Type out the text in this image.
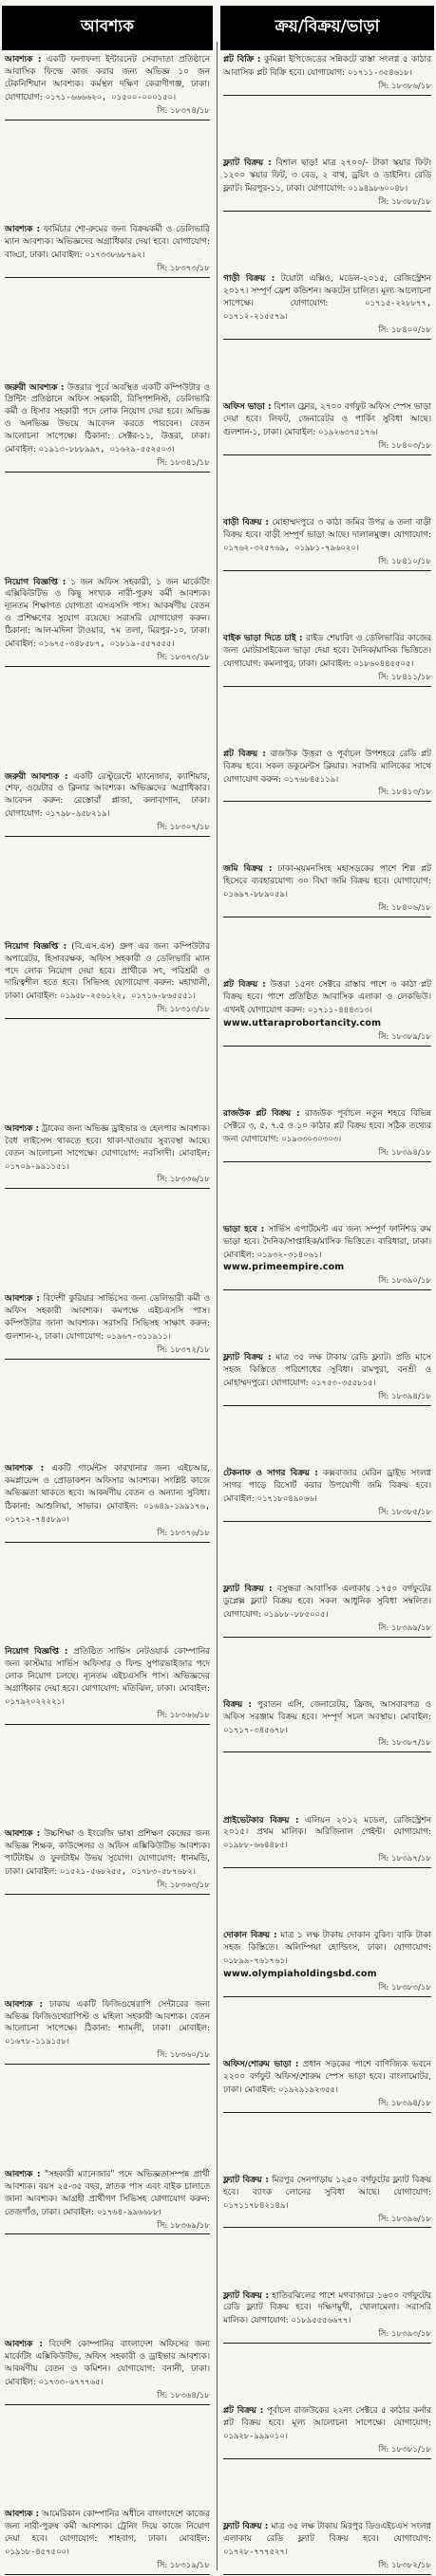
আবশ্যক
আবশ্যক : একটি ফলাফল্য ইন্টারনেট সেবাদাতা প্রতিষ্ঠানে আবাসিক ফিল্ডে কাজ করার জন্য অভিজ্ঞ ১০ জন টেকনিশিয়ান আবশ্যক। কর্মস্থল দক্ষিণ কেরাণীগঞ্জ, ঢাকা। যোগাযোগ: ০১৭১-৬৬৬৬২০, ০১৫০০-০০০১৫০।
সি: ১৮৩৭৪/১৮
আবশ্যক : ফার্মিচার শো-রুমের জন্য বিক্রয়কর্মী ও ডেলিভারি ম্যান আবশ্যক। অভিজ্ঞদের অগ্রাধিকার দেয়া হবে। যোগাযোগ: বাড্ডা, ঢাকা। মোবাইল: ০১৭৩৩৮৬৮৭৯২।
সি: ১৮৩৭৩/১৮
জরুরী আবশ্যক : উত্তরার পূর্বে অবস্থিত একটি কম্পিউটার ও প্রিন্টিং প্রতিষ্ঠানে অফিস সহকারী, রিসিপশনিস্ট, ডেলিভারি কর্মী ও হিসাব সহকারী পদে লোক নিয়োগ দেয়া হবে। অভিজ্ঞ ও অনভিজ্ঞ উভয়ে আবেদন করতে পারবেন। বেতন আলোচনা সাপেক্ষে। ঠিকানা: সেক্টর-১১, উত্তরা, ঢাকা। মোবাইল: ০১৯১৩-৮৮৮৯৯৭, ০১৬২৯-৫৫২৫০৩।
সি: ১৮৩৪১/১৮
নিয়োগ বিজ্ঞপ্তি : ১ জন অফিস সহকারী, ১ জন মার্কেটিং এক্সিকিউটিভ ও কিছু সংখ্যক নারী-পুরুষ কর্মী আবশ্যক। ন্যূনতম শিক্ষাগত যোগ্যতা এসএসসি পাস। আকর্ষণীয় বেতন ও প্রশিক্ষণের সুযোগ রয়েছে। সরাসরি যোগাযোগ করুন। ঠিকানা: আল-মদিনা টাওয়ার, ৭ম তলা, মিরপুর-১০, ঢাকা। মোবাইল: ০১৬৭৫-৩৪৮৫৮৭, ০১৮১৯-৫৫৭৫৫৫।
সি: ১৮৩৭৩/১৮
জরুরী আবশ্যক : একটি রেস্টুরেন্টে ম্যানেজার, ক্যাশিয়ার, শেফ, ওয়েটার ও ক্লিনার আবশ্যক। অভিজ্ঞদের অগ্রাধিকার। আবেদন করুন: রেস্তোরাঁ প্লাজা, কলাবাগান, ঢাকা। যোগাযোগ: ০১৭৯৮-৯৫৮২১৯।
সি: ১৮৩০৭/১৮
নিয়োগ বিজ্ঞপ্তি : (বি.এস.এস) গ্রুপ এর জন্য কম্পিউটার অপারেটর, হিসাবরক্ষক, অফিস সহকারী ও ডেলিভারি ম্যান পদে লোক নিয়োগ দেয়া হবে। প্রার্থীকে সৎ, পরিশ্রমী ও দায়িত্বশীল হতে হবে। সিভিসহ যোগাযোগ করুন: মহাখালী, ঢাকা। মোবাইল: ০১৯৫৮-২৫৬১২২, ০১৭১৬-৮৬৫৫৫১।
সি: ১৮৩১৩/১৮
আবশ্যক : ট্রাকের জন্য অভিজ্ঞ ড্রাইভার ও হেলপার আবশ্যক। বৈধ লাইসেন্স থাকতে হবে। থাকা-খাওয়ার সুব্যবস্থা আছে। বেতন আলোচনা সাপেক্ষে। যোগাযোগ: নরসিংদী। মোবাইল: ০১৭০৯-৯৯১১৫১।
সি: ১৮৩৩৬/১৮
আবশ্যক : বিদেশী কুরিয়ার সার্ভিসের জন্য ডেলিভারী কর্মী ও অফিস সহকারী আবশ্যক। কমপক্ষে এইচএসসি পাস। কম্পিউটার জানা আবশ্যক। সরাসরি সিভিসহ সাক্ষাৎ করুন: গুলশান-২, ঢাকা। যোগাযোগ: ০১৯৬৭-৩১১৯১১।
সি: ১৮৩৭২/১৮
আবশ্যক : একটি গার্মেন্টস কারখানার জন্য এইচআর, কমপ্লায়েন্স ও প্রোডাকশন অফিসার আবশ্যক। সংশ্লিষ্ট কাজে অভিজ্ঞতা থাকতে হবে। আকর্ষণীয় বেতন ও অন্যান্য সুবিধা। ঠিকানা: আশুলিয়া, সাভার। মোবাইল: ০১৬৪৯-১৯৯১৭৬, ০১৭১২-৭৪৫৮৯০।
সি: ১৮৩৭৬/১৮
নিয়োগ বিজ্ঞপ্তি : প্রতিষ্ঠিত সার্ভিস নেটওয়ার্ক কোম্পানির জন্য কাস্টমার সার্ভিস অফিসার ও ফিল্ড সুপারভাইজার পদে লোক নিয়োগ চলছে। ন্যূনতম এইচএসসি পাস। অভিজ্ঞদের অগ্রাধিকার দেয়া হবে। যোগাযোগ: মতিঝিল, ঢাকা। মোবাইল: ০১৭৯২০২২২২১।
সি: ১৮৩৬৬/১৮
আবশ্যক : উচ্চশিক্ষা ও ইংরেজি ভাষা প্রশিক্ষণ কেন্দ্রের জন্য অভিজ্ঞ শিক্ষক, কাউন্সেলর ও অফিস এক্সিকিউটিভ আবশ্যক। পার্টটাইম ও ফুলটাইম উভয় সুযোগ। যোগাযোগ: ধানমন্ডি, ঢাকা। মোবাইল: ০১৫২১-৫৬৮২৫৫, ০১৭৮৩-৫৮৭৬৮২।
সি: ১৮৩৬৩/১৮
আবশ্যক : ঢাকায় একটি ফিজিওথেরাপি সেন্টারের জন্য অভিজ্ঞ ফিজিওথেরাপিস্ট ও মহিলা সহকারী আবশ্যক। বেতন আলোচনা সাপেক্ষে। ঠিকানা: শ্যামলী, ঢাকা। মোবাইল: ০১৬৭৮-১১৯১৫৮।
সি: ১৮৩৬০/১৮
আবশ্যক : "সহকারী ম্যানেজার" পদে অভিজ্ঞতাসম্পন্ন প্রার্থী আবশ্যক। বয়স ২৫-৩৫ বছর, স্নাতক পাস এবং বাইক চালাতে জানা আবশ্যক। আগ্রহী প্রার্থীগণ সিভিসহ যোগাযোগ করুন: তেজগাঁও, ঢাকা। মোবাইল: ০১৭৬৪-৯৯৬৬৮৮।
সি: ১৮৩৬৯/১৮
আবশ্যক : বিদেশি কোম্পানির বাংলাদেশ অফিসের জন্য মার্কেটিং এক্সিকিউটিভ, অফিস সহকারী ও ড্রাইভার আবশ্যক। আকর্ষণীয় বেতন ও কমিশন। যোগাযোগ: বনানী, ঢাকা। মোবাইল: ০১৭৩৩-৬৭৭৭৬৫।
সি: ১৮৩৬৪/১৮
আবশ্যক : আমেরিকান কোম্পানির অধীনে বাংলাদেশে কাজের জন্য নারী-পুরুষ কর্মী আবশ্যক। ট্রেনিং দিয়ে কাজে নিয়োগ দেয়া হবে। যোগাযোগ: শাহবাগ, ঢাকা। মোবাইল: ০১৯১৮-৪৫৭৫০০।
সি: ১৮৩১৯/১৮
ক্রয়/বিক্রয়/ভাড়া
প্লট বিক্রি : কুমিল্লা ইপিজেডের সন্নিকটে রাস্তা সংলগ্ন ৫ কাঠার আবাসিক প্লট বিক্রি হবে। যোগাযোগ: ০১৭১১-৩৫৪৬১৮।
সি: ১৮৩৮৬/১৮
ফ্ল্যাট বিক্রয় : বিশাল ছাড়! মাত্র ২৭০০/- টাকা স্কয়ার ফিট। ১২০০ স্কয়ার ফিট, ৩ বেড, ২ বাথ, ড্রয়িং ও ডাইনিং। রেডি ফ্ল্যাট। মিরপুর-১১, ঢাকা। যোগাযোগ: ০১৯৪৯৮৬০০৪৮।
সি: ১৮৩৮৮/১৮
গাড়ী বিক্রয় : টয়োটা এক্সিও, মডেল-২০১৫, রেজিস্ট্রেশন ২০১৭। সম্পূর্ণ ফ্রেশ কন্ডিশন। অকটেন চালিত। মূল্য আলোচনা সাপেক্ষে। যোগাযোগ:	০১৭১৫-২২৮৮৭৭, ০১৭১২-২১৫৫৭৯।
সি: ১৮৪০০/১৮
অফিস ভাড়া : বিশাল ফ্লোর, ২৭০০ বর্গফুট অফিস স্পেস ভাড়া দেয়া হবে। লিফট, জেনারেটর ও পার্কিং সুবিধা আছে। গুলশান-১, ঢাকা। মোবাইল: ০১৯২৬৩৭৫১৭৬।
সি: ১৮৪০৩/১৮
বাড়ী বিক্রয় : মোহাম্মদপুরে ৩ কাঠা জমির উপর ৬ তলা বাড়ী বিক্রয় হবে। বাড়ী সম্পূর্ণ ভাড়া আছে। দালালমুক্ত। যোগাযোগ: ০১৭৬২-৩২৫৭৬৯, ০১৯৮১-৭৯৬০২০।
সি: ১৮৪১০/১৮
বাইক ভাড়া দিতে চাই : রাইড শেয়ারিং ও ডেলিভারির কাজের জন্য মোটরসাইকেল ভাড়া দেয়া হবে। দৈনিক/মাসিক ভিত্তিতে। যোগাযোগ: কমলাপুর, ঢাকা। মোবাইল: ০১৮৬০৪৪৫৫০৫।
সি: ১৮৪১১/১৮
প্লট বিক্রয় : রাজউক উত্তরা ও পূর্বাচল উপশহরে রেডি প্লট বিক্রয় হবে। সকল ডকুমেন্টস ক্লিয়ার। সরাসরি মালিকের সাথে যোগাযোগ করুন: ০১৭৬৮৪৫১১৯।
সি: ১৮৪১৩/১৮
জমি বিক্রয় : ঢাকা-ময়মনসিংহ মহাসড়কের পাশে শিল্প প্লট হিসেবে ব্যবহারযোগ্য ৩০ বিঘা জমি বিক্রয় হবে। যোগাযোগ: ০১৬৯৭-৮৮৯০৫৯।
সি: ১৮৪০৬/১৮
প্লট বিক্রয় : উত্তরা ১৫নং সেক্টরে রাস্তার পাশে ৩ কাঠা প্লট বিক্রয় হবে। পাশে প্রতিষ্ঠিত আবাসিক এলাকা ও লেকভিউ। এখনই যোগাযোগ করুন: ০১৭১১-৪৪৪৩১৩।
www.uttaraprobortancity.com
সি: ১৮৩৮৯/১৮
রাজউক প্লট বিক্রয় : রাজউক পূর্বাচল নতুন শহরে বিভিন্ন সেক্টরে ৩, ৫, ৭.৫ ও ১০ কাঠার প্লট বিক্রয় হবে। সঠিক তথ্যের জন্য যোগাযোগ: ০১৯৩৩০৩০৩০৩।
সি: ১৮৩৯৪/১৮
ভাড়া হবে : সার্ভিস এপার্টমেন্ট এর জন্য সম্পূর্ণ ফার্নিশড রুম ভাড়া হবে। দৈনিক/সাপ্তাহিক/মাসিক ভিত্তিতে। বারিধারা, ঢাকা। মোবাইল: ০১৯৩২-৩১৪০৬১।
www.primeempire.com
সি: ১৮৩৯০/১৮
ফ্ল্যাট বিক্রয় : মাত্র ৩৫ লক্ষ টাকায় রেডি ফ্ল্যাট। প্রতি মাসে সহজ কিস্তিতে পরিশোধের সুবিধা। রামপুরা, বনশ্রী ও মোহাম্মদপুরে। যোগাযোগ: ০১৭৫৩-৩৫৫৮১৫।
সি: ১৮৩৯৪/১৮
টেকনাফ ও সাগর বিক্রয় : কক্সবাজার মেরিন ড্রাইভ সংলগ্ন সাগর পাড়ে রিসোর্ট করার উপযোগী জমি বিক্রয় হবে। মোবাইল: ০১৭১৮০৪৯০৬৬।
সি: ১৮৩৮৫/১৮
ফ্ল্যাট বিক্রয় : বসুন্ধরা আবাসিক এলাকায় ১৭৫০ বর্গফুটের ডুপ্লেক্স ফ্ল্যাট বিক্রয় হবে। সকল আধুনিক সুবিধা সম্বলিত। যোগাযোগ: ০১৯৮৮-৮৮৫০০৫।
সি: ১৮৩৯৯/১৮
বিক্রয় : পুরাতন এসি, জেনারেটর, ফ্রিজ, আসবাবপত্র ও অফিস সরঞ্জাম বিক্রয় হবে। সম্পূর্ণ সচল অবস্থায়। মোবাইল: ০১৭১৭-৩৪৫৬৭৮।
সি: ১৮৩৮৭/১৮
প্রাইভেটকার বিক্রয় : এলিয়ন ২০১২ মডেল, রেজিস্ট্রেশন ২০১৫। প্রথম মালিক। অরিজিনাল পেইন্ট। যোগাযোগ: ০১৯৮৮-৬৬৪৪৮৫।
সি: ১৮৩৯৭/১৮
দোকান বিক্রয় : মাত্র ১ লক্ষ টাকায় দোকান বুকিং। বাকি টাকা সহজ কিস্তিতে। অলিম্পিয়া হোল্ডিংস, ঢাকা। যোগাযোগ: ০১৮৯৯-৭৬১৭৬১।
www.olympiaholdingsbd.com
সি: ১৮৩৮৩/১৮
অফিস/শোরুম ভাড়া : প্রধান সড়কের পাশে বাণিজ্যিক ভবনে ২২০০ বর্গফুট অফিস/শোরুম স্পেস ভাড়া হবে। বাংলামোটর, ঢাকা। মোবাইল: ০১৯২৯১৯২৩৫৫।
সি: ১৮৩৯৪/১৮
ফ্ল্যাট বিক্রয় : মিরপুর সেনপাড়ায় ১২৫০ বর্গফুটের ফ্ল্যাট বিক্রয় হবে। ব্যাংক লোনের সুবিধা আছে। যোগাযোগ: ০১৭১১৭৮৪২১৪৯।
সি: ১৮৩৯৬/১৮
ফ্ল্যাট বিক্রয় : হাতিরঝিলের পাশে মগবাজারে ১৬০০ বর্গফুটের রেডি ফ্ল্যাট বিক্রয় হবে। দক্ষিণমুখী, খোলামেলা। সরাসরি মালিক। যোগাযোগ: ০১৮৯৫৫৫৬৬৭৭।
সি: ১৮৩৯৩/১৮
প্লট বিক্রয় : পূর্বাচল রাজউকের ২২নং সেক্টরে ৫ কাঠার কর্নার প্লট বিক্রয় হবে। মূল্য আলোচনা সাপেক্ষে। যোগাযোগ: ০১৯২৮-৯৯৯০১০।
সি: ১৮৩৮১/১৮
ফ্ল্যাট বিক্রয় : মাত্র ৩৫ লক্ষ টাকায় মিরপুর ডিওএইচএস সংলগ্ন এলাকায় রেডি ফ্ল্যাট বিক্রয় হবে। যোগাযোগ: ০১৭২৮-৭৭৭৫২৭।
সি: ১৮৩৮২/১৮
